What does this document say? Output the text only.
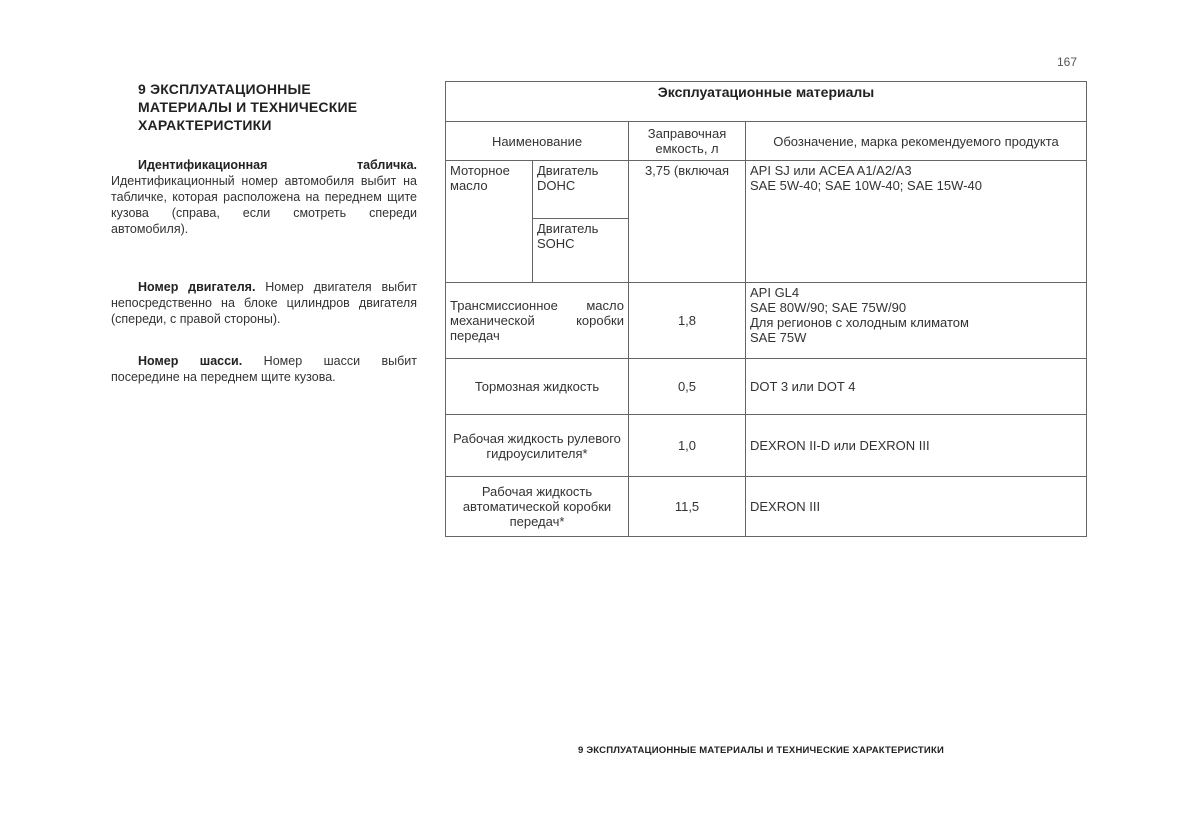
167
9 ЭКСПЛУАТАЦИОННЫЕ
МАТЕРИАЛЫ И ТЕХНИЧЕСКИЕ
ХАРАКТЕРИСТИКИ

Идентификационная табличка. Идентификационный номер автомобиля выбит на табличке, которая расположена на переднем щите кузова (справа, если смотреть спереди автомобиля).

Номер двигателя. Номер двигателя выбит непосредственно на блоке цилиндров двигателя (спереди, с правой стороны).

Номер шасси. Номер шасси выбит посередине на переднем щите кузова.

Эксплуатационные материалы			
Наименование		Заправочная емкость, л	Обозначение, марка рекомендуемого продукта
Моторное масло	Двигатель DOHC	3,75 (включая	API SJ или ACEA A1/A2/A3
SAE 5W-40; SAE 10W-40; SAE 15W-40
	Двигатель SOHC		
Трансмиссионное масло механической коробки передач		1,8	API GL4
SAE 80W/90; SAE 75W/90
Для регионов с холодным климатом
SAE 75W
Тормозная жидкость		0,5	DOT 3 или DOT 4
Рабочая жидкость рулевого гидроусилителя*		1,0	DEXRON II-D или DEXRON III
Рабочая жидкость автоматической коробки передач*		11,5	DEXRON III
9 ЭКСПЛУАТАЦИОННЫЕ МАТЕРИАЛЫ И ТЕХНИЧЕСКИЕ ХАРАКТЕРИСТИКИ
